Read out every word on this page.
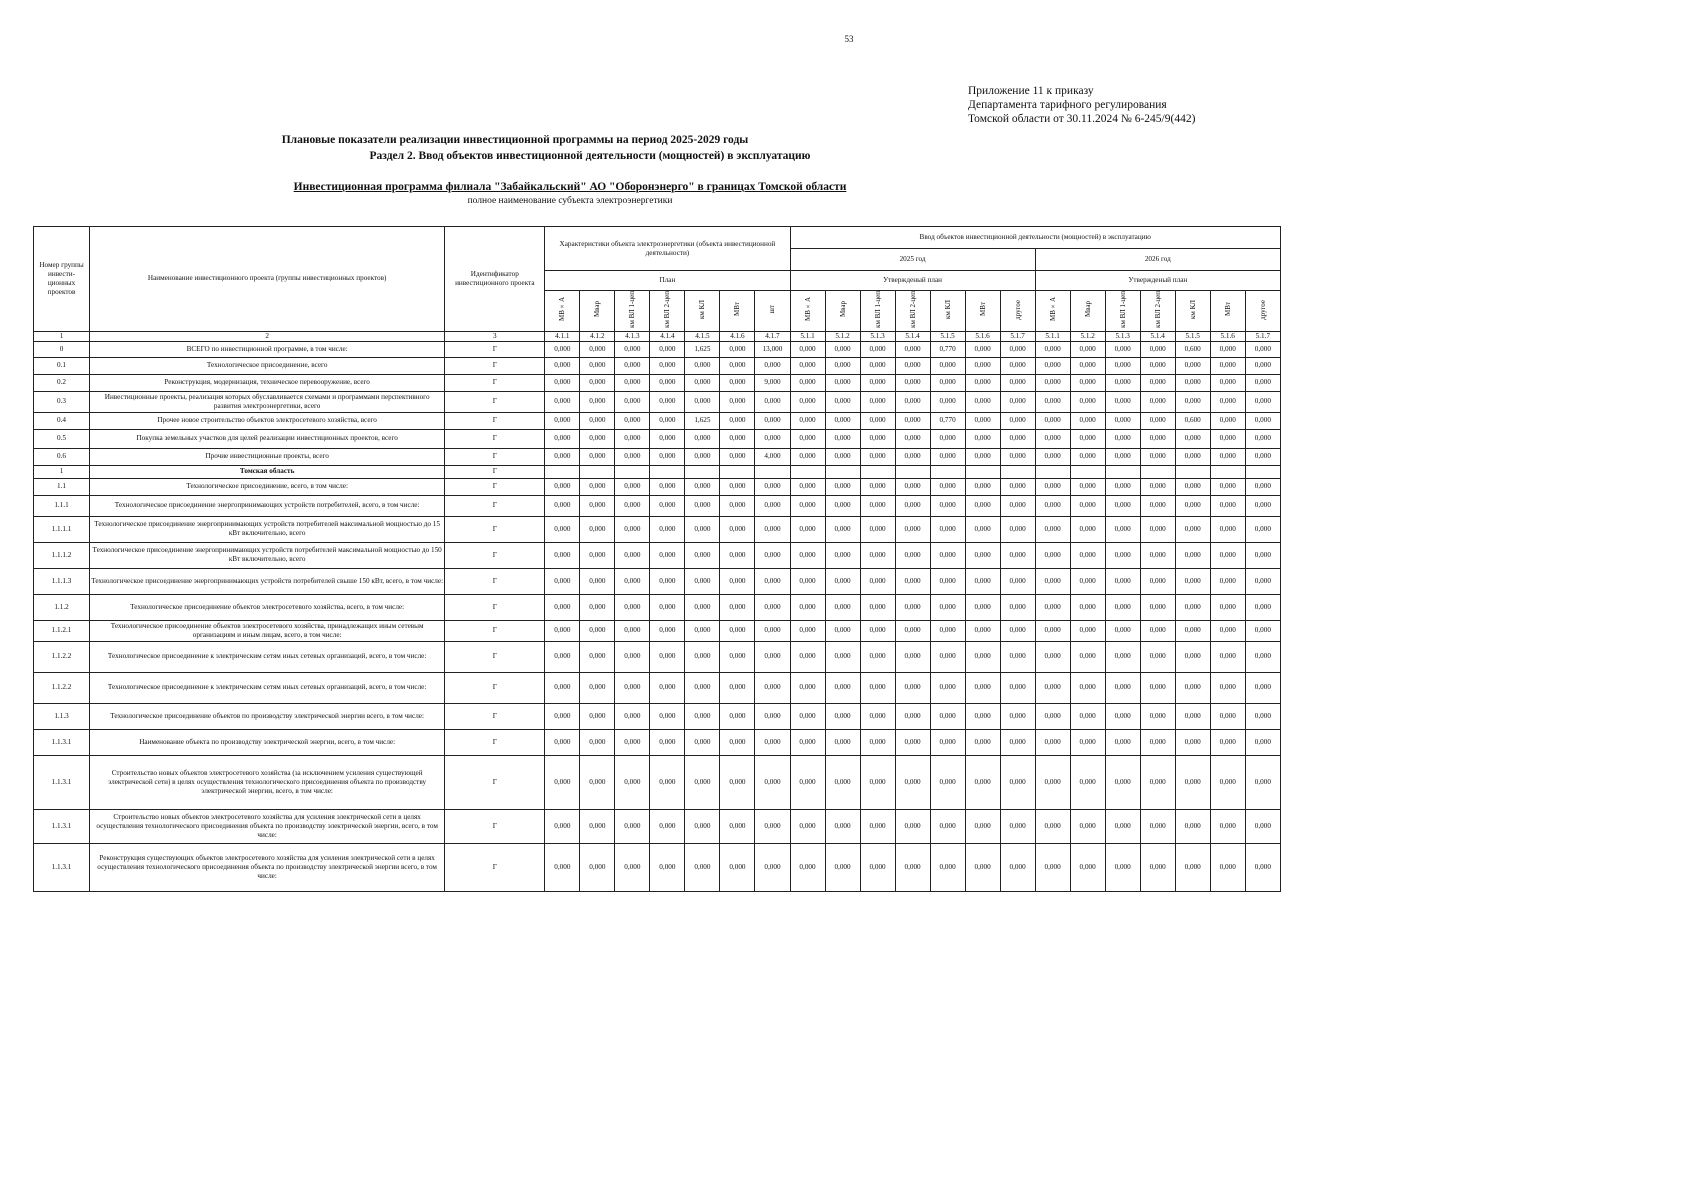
53
Приложение 11 к приказу
Департамента тарифного регулирования
Томской области от 30.11.2024 № 6-245/9(442)
Плановые показатели реализации инвестиционной программы на период 2025-2029 годы
Раздел 2. Ввод объектов инвестиционной деятельности (мощностей) в эксплуатацию
Инвестиционная программа филиала "Забайкальский" АО "Оборонэнерго" в границах Томской области
полное наименование субъекта электроэнергетики
Номер группы инвести-ционных проектов	Наименование инвестиционного проекта (группы инвестиционных проектов)	Идентификатор инвестиционного проекта	Характеристики объекта электроэнергетики (объекта инвестиционной деятельности)							Ввод объектов инвестиционной деятельности (мощностей) в эксплуатацию													
										2025 год							2026 год						
			План							Утвержденый план							Утвержденый план						
			МВ×А	Мвар	км ВЛ 1-цеп	км ВЛ 2-цеп	км КЛ	МВт	шт	МВ×А	Мвар	км ВЛ 1-цеп	км ВЛ 2-цеп	км КЛ	МВт	другое	МВ×А	Мвар	км ВЛ 1-цеп	км ВЛ 2-цеп	км КЛ	МВт	другое
1	2	3	4.1.1	4.1.2	4.1.3	4.1.4	4.1.5	4.1.6	4.1.7	5.1.1	5.1.2	5.1.3	5.1.4	5.1.5	5.1.6	5.1.7	5.1.1	5.1.2	5.1.3	5.1.4	5.1.5	5.1.6	5.1.7
0	ВСЕГО по инвестиционной программе, в том числе:	Г	0,000	0,000	0,000	0,000	1,625	0,000	13,000	0,000	0,000	0,000	0,000	0,770	0,000	0,000	0,000	0,000	0,000	0,000	0,600	0,000	0,000
0.1	Технологическое присоединение, всего	Г	0,000	0,000	0,000	0,000	0,000	0,000	0,000	0,000	0,000	0,000	0,000	0,000	0,000	0,000	0,000	0,000	0,000	0,000	0,000	0,000	0,000
0.2	Реконструкция, модернизация, техническое перевооружение, всего	Г	0,000	0,000	0,000	0,000	0,000	0,000	9,000	0,000	0,000	0,000	0,000	0,000	0,000	0,000	0,000	0,000	0,000	0,000	0,000	0,000	0,000
0.3	Инвестиционные проекты, реализация которых обуславливается схемами и программами перспективного развития электроэнергетики, всего	Г	0,000	0,000	0,000	0,000	0,000	0,000	0,000	0,000	0,000	0,000	0,000	0,000	0,000	0,000	0,000	0,000	0,000	0,000	0,000	0,000	0,000
0.4	Прочее новое строительство объектов электросетевого хозяйства, всего	Г	0,000	0,000	0,000	0,000	1,625	0,000	0,000	0,000	0,000	0,000	0,000	0,770	0,000	0,000	0,000	0,000	0,000	0,000	0,600	0,000	0,000
0.5	Покупка земельных участков для целей реализации инвестиционных проектов, всего	Г	0,000	0,000	0,000	0,000	0,000	0,000	0,000	0,000	0,000	0,000	0,000	0,000	0,000	0,000	0,000	0,000	0,000	0,000	0,000	0,000	0,000
0.6	Прочие инвестиционные проекты, всего	Г	0,000	0,000	0,000	0,000	0,000	0,000	4,000	0,000	0,000	0,000	0,000	0,000	0,000	0,000	0,000	0,000	0,000	0,000	0,000	0,000	0,000
1	Томская область	Г																					
1.1	Технологическое присоединение, всего, в том числе:	Г	0,000	0,000	0,000	0,000	0,000	0,000	0,000	0,000	0,000	0,000	0,000	0,000	0,000	0,000	0,000	0,000	0,000	0,000	0,000	0,000	0,000
1.1.1	Технологическое присоединение энергопринимающих устройств потребителей, всего, в том числе:	Г	0,000	0,000	0,000	0,000	0,000	0,000	0,000	0,000	0,000	0,000	0,000	0,000	0,000	0,000	0,000	0,000	0,000	0,000	0,000	0,000	0,000
1.1.1.1	Технологическое присоединение энергопринимающих устройств потребителей максимальной мощностью до 15 кВт включительно, всего	Г	0,000	0,000	0,000	0,000	0,000	0,000	0,000	0,000	0,000	0,000	0,000	0,000	0,000	0,000	0,000	0,000	0,000	0,000	0,000	0,000	0,000
1.1.1.2	Технологическое присоединение энергопринимающих устройств потребителей максимальной мощностью до 150 кВт включительно, всего	Г	0,000	0,000	0,000	0,000	0,000	0,000	0,000	0,000	0,000	0,000	0,000	0,000	0,000	0,000	0,000	0,000	0,000	0,000	0,000	0,000	0,000
1.1.1.3	Технологическое присоединение энергопринимающих устройств потребителей свыше 150 кВт, всего, в том числе:	Г	0,000	0,000	0,000	0,000	0,000	0,000	0,000	0,000	0,000	0,000	0,000	0,000	0,000	0,000	0,000	0,000	0,000	0,000	0,000	0,000	0,000
1.1.2	Технологическое присоединение объектов электросетевого хозяйства, всего, в том числе:	Г	0,000	0,000	0,000	0,000	0,000	0,000	0,000	0,000	0,000	0,000	0,000	0,000	0,000	0,000	0,000	0,000	0,000	0,000	0,000	0,000	0,000
1.1.2.1	Технологическое присоединение объектов электросетевого хозяйства, принадлежащих иным сетевым организациям и иным лицам, всего, в том числе:	Г	0,000	0,000	0,000	0,000	0,000	0,000	0,000	0,000	0,000	0,000	0,000	0,000	0,000	0,000	0,000	0,000	0,000	0,000	0,000	0,000	0,000
1.1.2.2	Технологическое присоединение к электрическим сетям иных сетевых организаций, всего, в том числе:	Г	0,000	0,000	0,000	0,000	0,000	0,000	0,000	0,000	0,000	0,000	0,000	0,000	0,000	0,000	0,000	0,000	0,000	0,000	0,000	0,000	0,000
1.1.2.2	Технологическое присоединение к электрическим сетям иных сетевых организаций, всего, в том числе:	Г	0,000	0,000	0,000	0,000	0,000	0,000	0,000	0,000	0,000	0,000	0,000	0,000	0,000	0,000	0,000	0,000	0,000	0,000	0,000	0,000	0,000
1.1.3	Технологическое присоединение объектов по производству электрической энергии всего, в том числе:	Г	0,000	0,000	0,000	0,000	0,000	0,000	0,000	0,000	0,000	0,000	0,000	0,000	0,000	0,000	0,000	0,000	0,000	0,000	0,000	0,000	0,000
1.1.3.1	Наименование объекта по производству электрической энергии, всего, в том числе:	Г	0,000	0,000	0,000	0,000	0,000	0,000	0,000	0,000	0,000	0,000	0,000	0,000	0,000	0,000	0,000	0,000	0,000	0,000	0,000	0,000	0,000
1.1.3.1	Строительство новых объектов электросетевого хозяйства (за исключением усиления существующей электрической сети) в целях осуществления технологического присоединения объекта по производству электрической энергии, всего, в том числе:	Г	0,000	0,000	0,000	0,000	0,000	0,000	0,000	0,000	0,000	0,000	0,000	0,000	0,000	0,000	0,000	0,000	0,000	0,000	0,000	0,000	0,000
1.1.3.1	Строительство новых объектов электросетевого хозяйства для усиления электрической сети в целях осуществления технологического присоединения объекта по производству электрической энергии, всего, в том числе:	Г	0,000	0,000	0,000	0,000	0,000	0,000	0,000	0,000	0,000	0,000	0,000	0,000	0,000	0,000	0,000	0,000	0,000	0,000	0,000	0,000	0,000
1.1.3.1	Реконструкция существующих объектов электросетевого хозяйства для усиления электрической сети в целях осуществления технологического присоединения объекта по производству электрической энергии всего, в том числе:	Г	0,000	0,000	0,000	0,000	0,000	0,000	0,000	0,000	0,000	0,000	0,000	0,000	0,000	0,000	0,000	0,000	0,000	0,000	0,000	0,000	0,000
